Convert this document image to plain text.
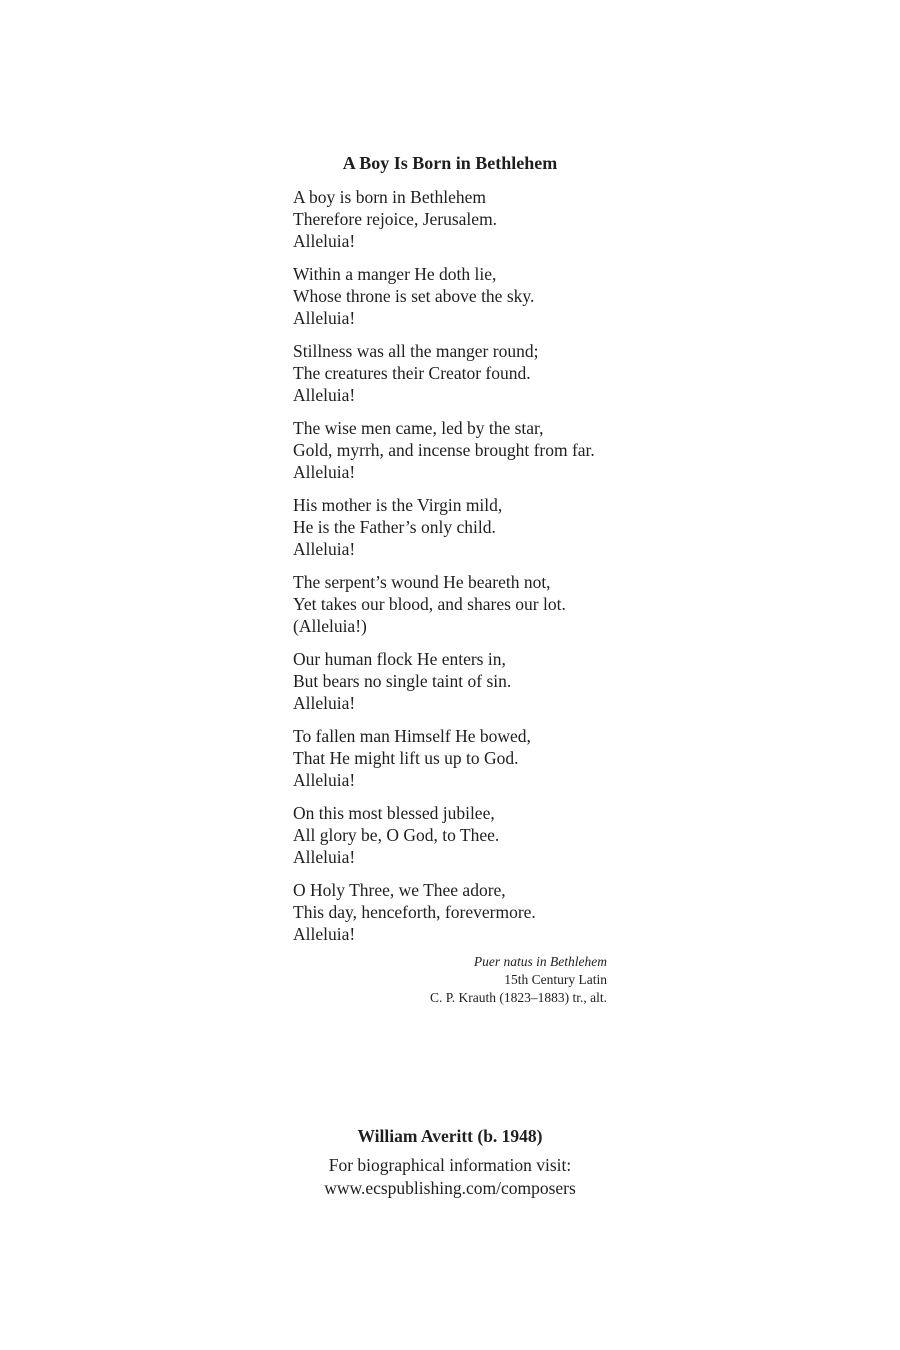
A Boy Is Born in Bethlehem
A boy is born in Bethlehem
Therefore rejoice, Jerusalem.
Alleluia!
Within a manger He doth lie,
Whose throne is set above the sky.
Alleluia!
Stillness was all the manger round;
The creatures their Creator found.
Alleluia!
The wise men came, led by the star,
Gold, myrrh, and incense brought from far.
Alleluia!
His mother is the Virgin mild,
He is the Father’s only child.
Alleluia!
The serpent’s wound He beareth not,
Yet takes our blood, and shares our lot.
(Alleluia!)
Our human flock He enters in,
But bears no single taint of sin.
Alleluia!
To fallen man Himself He bowed,
That He might lift us up to God.
Alleluia!
On this most blessed jubilee,
All glory be, O God, to Thee.
Alleluia!
O Holy Three, we Thee adore,
This day, henceforth, forevermore.
Alleluia!
Puer natus in Bethlehem
15th Century Latin
C. P. Krauth (1823–1883) tr., alt.
William Averitt (b. 1948)
For biographical information visit:
www.ecspublishing.com/composers
